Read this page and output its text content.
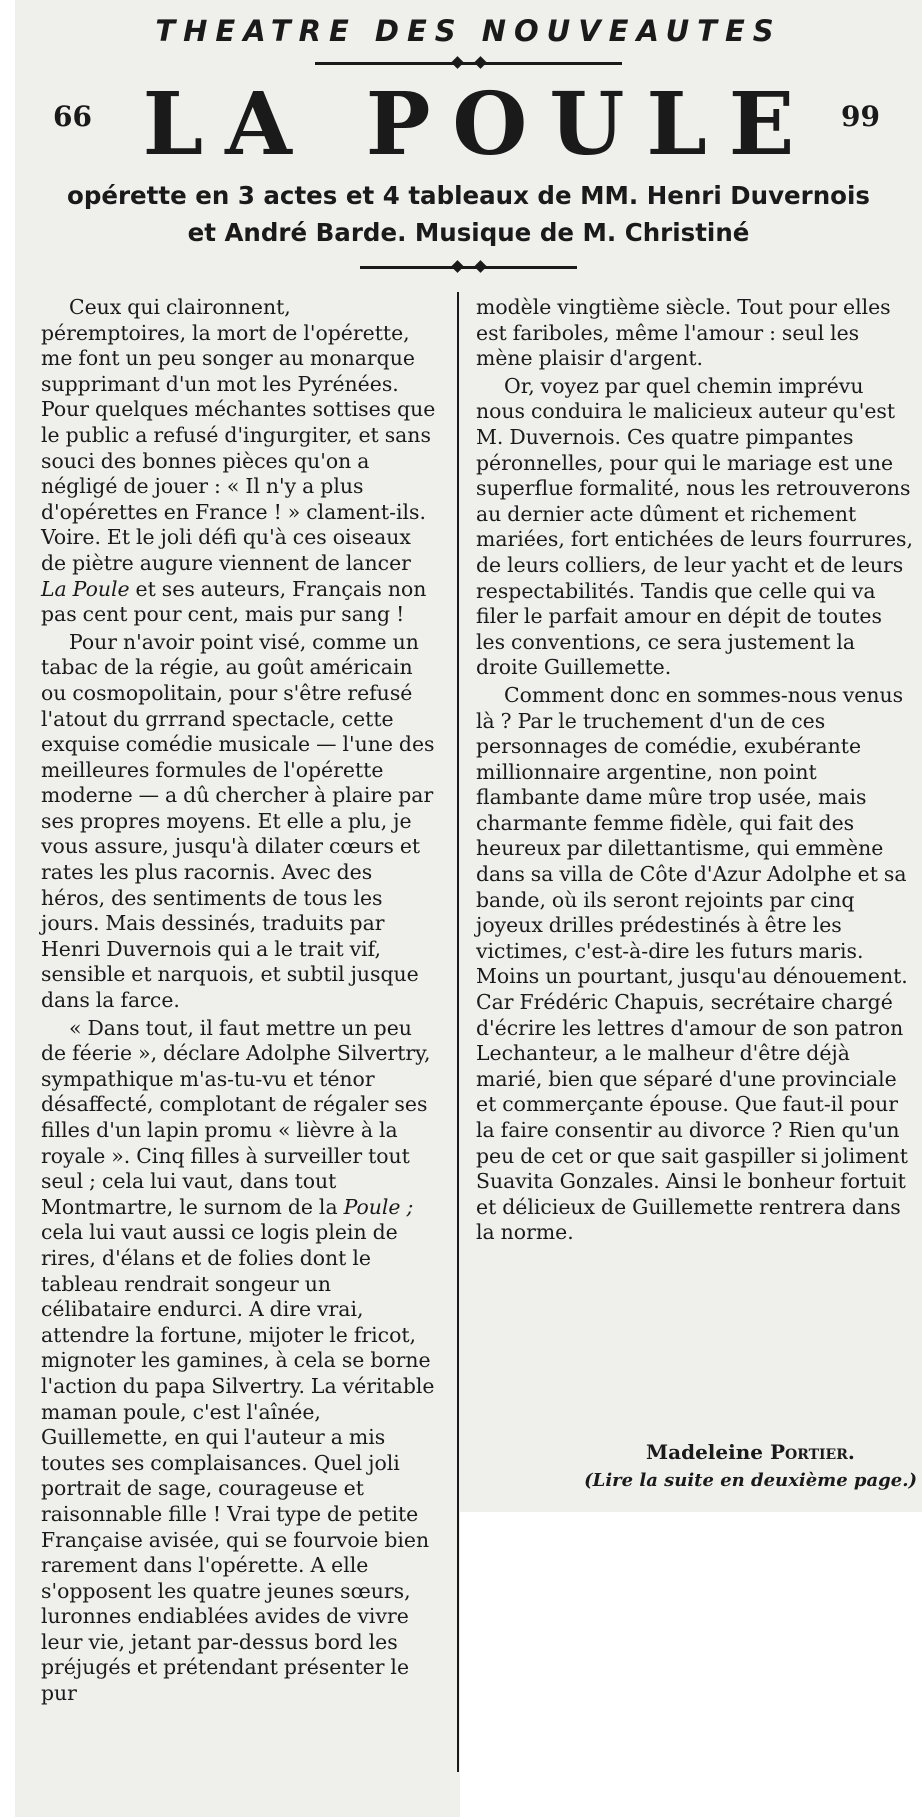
THEATRE DES NOUVEAUTES
66 LA POULE 99
opérette en 3 actes et 4 tableaux de MM. Henri Duvernois
et André Barde. Musique de M. Christiné

Ceux qui claironnent, péremptoires, la mort de l'opérette, me font un peu songer au monarque supprimant d'un mot les Pyrénées. Pour quelques méchantes sottises que le public a refusé d'ingurgiter, et sans souci des bonnes pièces qu'on a négligé de jouer : « Il n'y a plus d'opérettes en France ! » clament-ils. Voire. Et le joli défi qu'à ces oiseaux de piètre augure viennent de lancer La Poule et ses auteurs, Français non pas cent pour cent, mais pur sang !

Pour n'avoir point visé, comme un tabac de la régie, au goût américain ou cosmopolitain, pour s'être refusé l'atout du grrrand spectacle, cette exquise comédie musicale — l'une des meilleures formules de l'opérette moderne — a dû chercher à plaire par ses propres moyens. Et elle a plu, je vous assure, jusqu'à dilater cœurs et rates les plus racornis. Avec des héros, des sentiments de tous les jours. Mais dessinés, traduits par Henri Duvernois qui a le trait vif, sensible et narquois, et subtil jusque dans la farce.

« Dans tout, il faut mettre un peu de féerie », déclare Adolphe Silvertry, sympathique m'as-tu-vu et ténor désaffecté, complotant de régaler ses filles d'un lapin promu « lièvre à la royale ». Cinq filles à surveiller tout seul ; cela lui vaut, dans tout Montmartre, le surnom de la Poule ; cela lui vaut aussi ce logis plein de rires, d'élans et de folies dont le tableau rendrait songeur un célibataire endurci. A dire vrai, attendre la fortune, mijoter le fricot, mignoter les gamines, à cela se borne l'action du papa Silvertry. La véritable maman poule, c'est l'aînée, Guillemette, en qui l'auteur a mis toutes ses complaisances. Quel joli portrait de sage, courageuse et raisonnable fille ! Vrai type de petite Française avisée, qui se fourvoie bien rarement dans l'opérette. A elle s'opposent les quatre jeunes sœurs, luronnes endiablées avides de vivre leur vie, jetant par-dessus bord les préjugés et prétendant présenter le pur

modèle vingtième siècle. Tout pour elles est fariboles, même l'amour : seul les mène plaisir d'argent.

Or, voyez par quel chemin imprévu nous conduira le malicieux auteur qu'est M. Duvernois. Ces quatre pimpantes péronnelles, pour qui le mariage est une superflue formalité, nous les retrouverons au dernier acte dûment et richement mariées, fort entichées de leurs fourrures, de leurs colliers, de leur yacht et de leurs respectabilités. Tandis que celle qui va filer le parfait amour en dépit de toutes les conventions, ce sera justement la droite Guillemette.

Comment donc en sommes-nous venus là ? Par le truchement d'un de ces personnages de comédie, exubérante millionnaire argentine, non point flambante dame mûre trop usée, mais charmante femme fidèle, qui fait des heureux par dilettantisme, qui emmène dans sa villa de Côte d'Azur Adolphe et sa bande, où ils seront rejoints par cinq joyeux drilles prédestinés à être les victimes, c'est-à-dire les futurs maris. Moins un pourtant, jusqu'au dénouement. Car Frédéric Chapuis, secrétaire chargé d'écrire les lettres d'amour de son patron Lechanteur, a le malheur d'être déjà marié, bien que séparé d'une provinciale et commerçante épouse. Que faut-il pour la faire consentir au divorce ? Rien qu'un peu de cet or que sait gaspiller si joliment Suavita Gonzales. Ainsi le bonheur fortuit et délicieux de Guillemette rentrera dans la norme.

Madeleine Portier.
(Lire la suite en deuxième page.)
